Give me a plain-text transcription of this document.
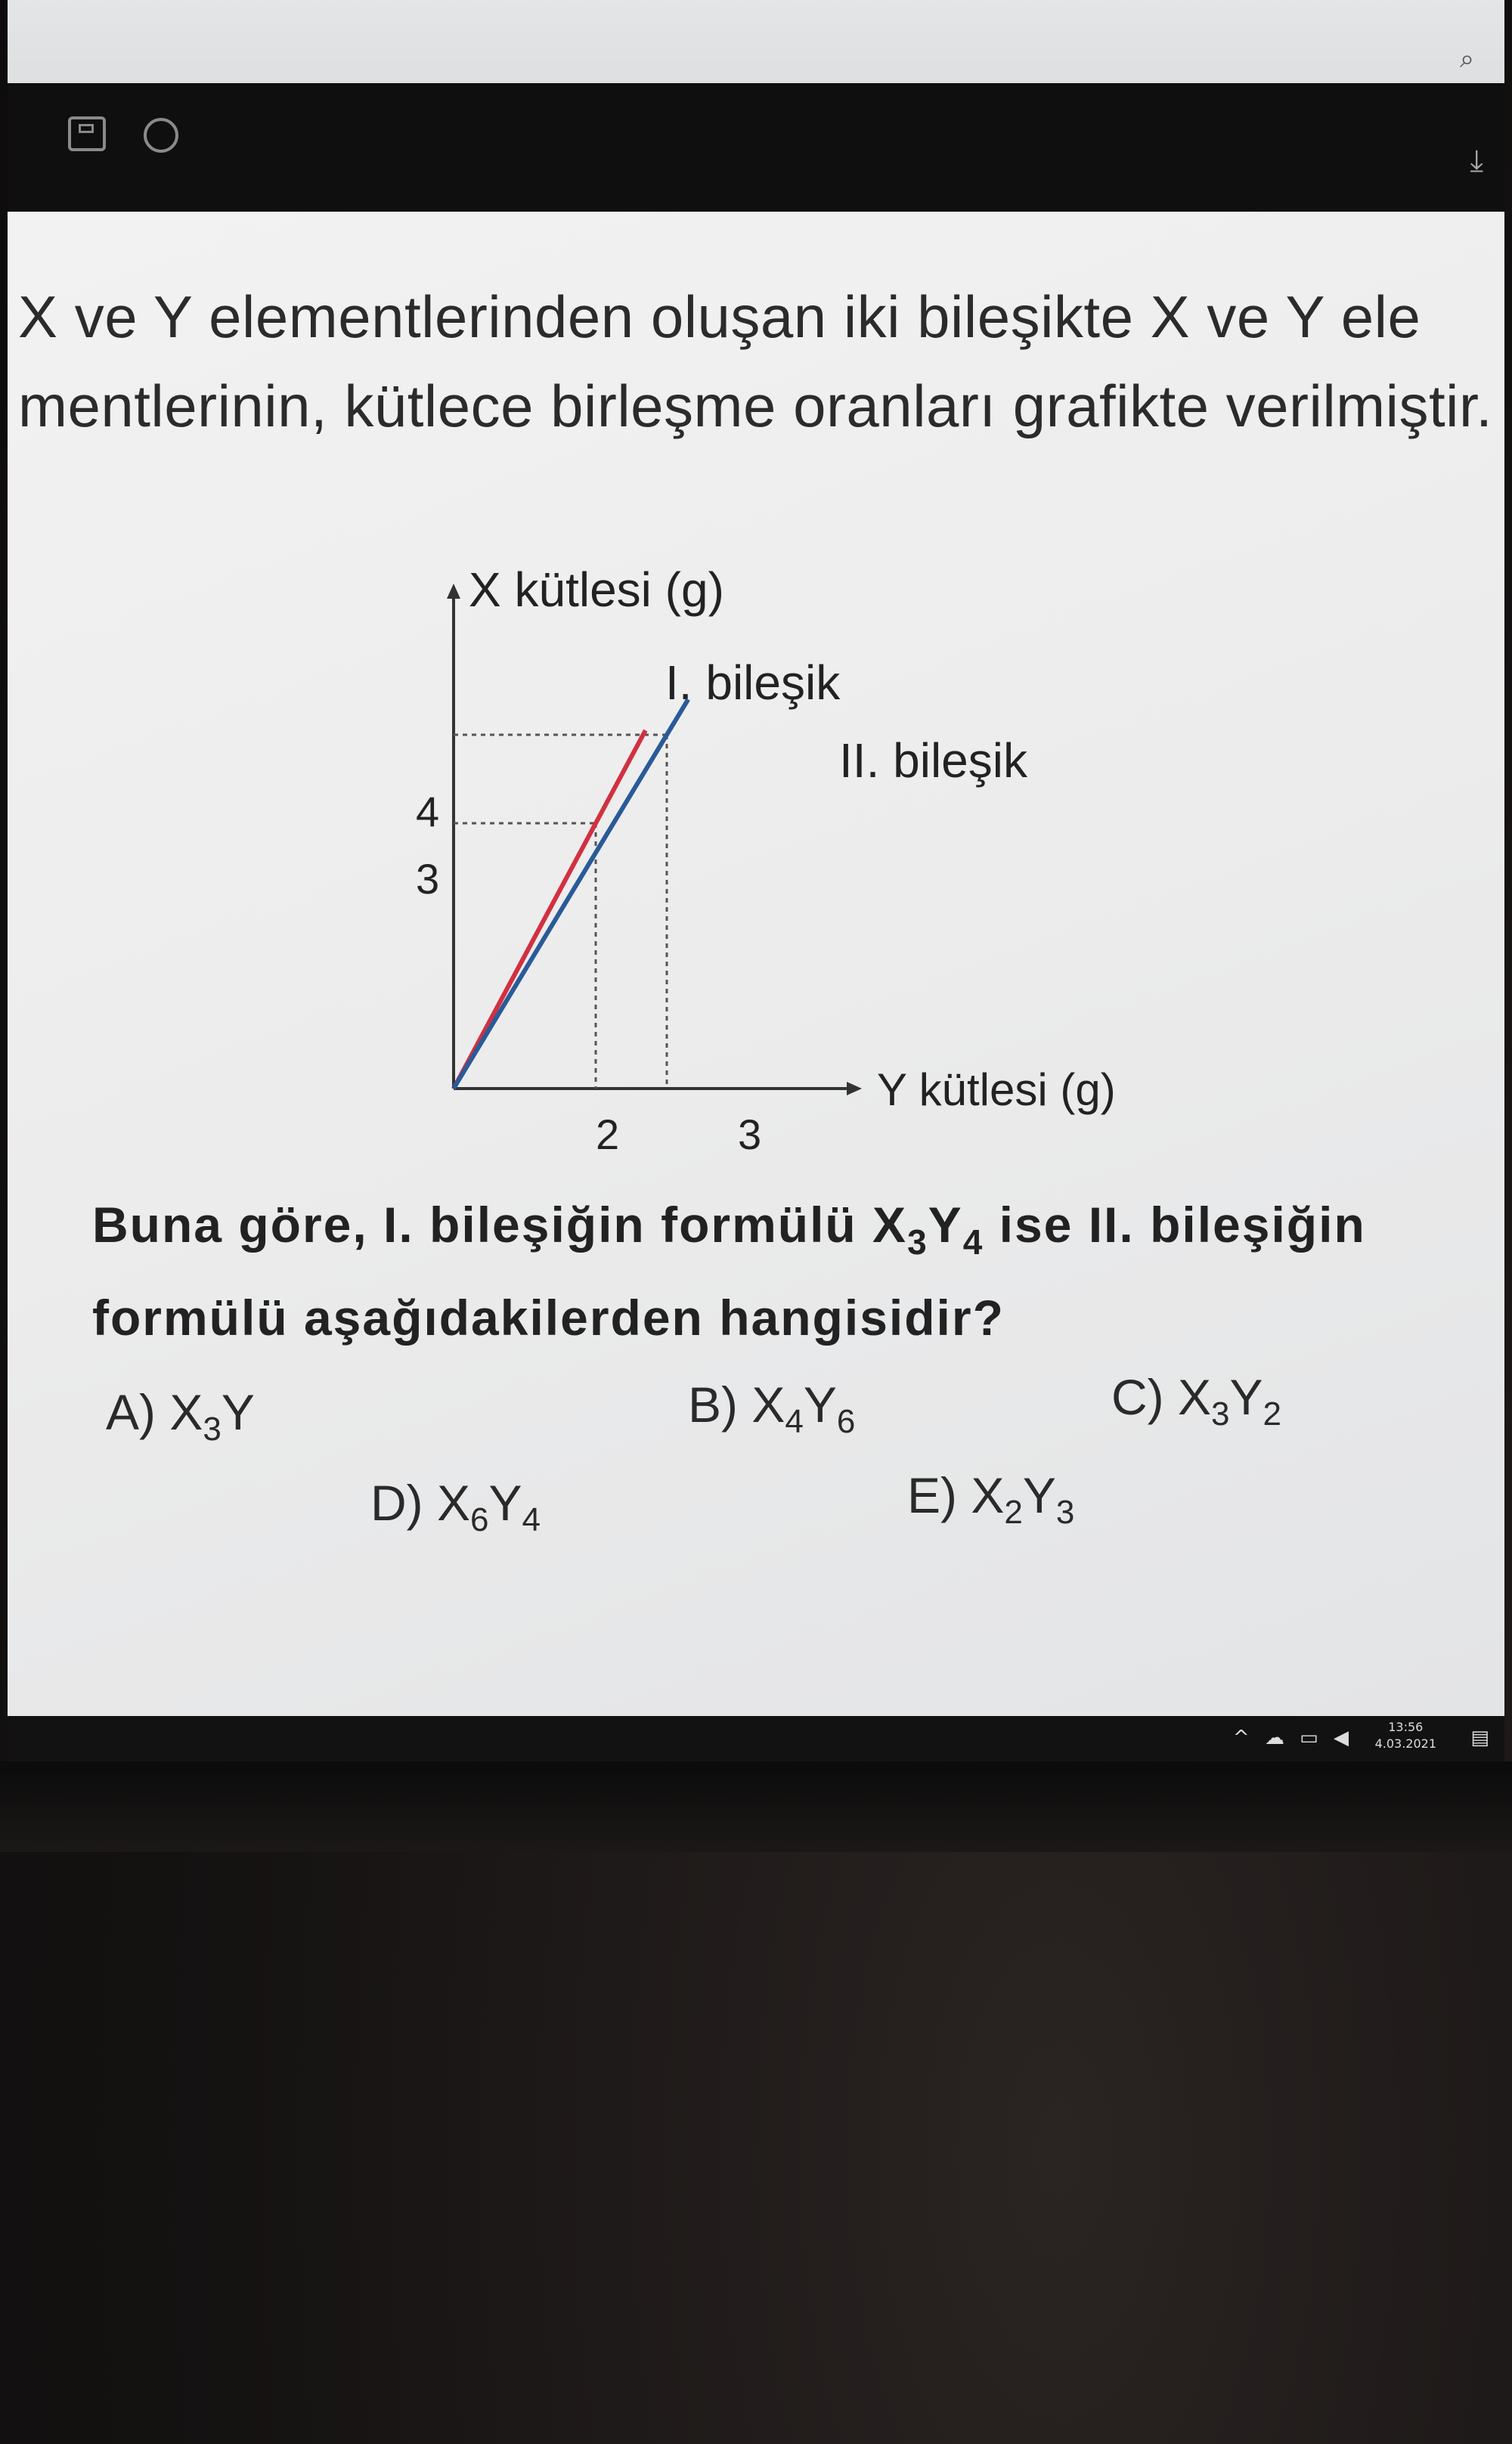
⌕
⤓
X ve Y elementlerinden oluşan iki bileşikte X ve Y ele
mentlerinin, kütlece birleşme oranları grafikte verilmiştir.
X kütlesi (g)
Y kütlesi (g)
I. bileşik
II. bileşik
4
3
2	3
Buna göre, I. bileşiğin formülü $X_3Y_4$ ise II. bileşiğin
formülü aşağıdakilerden hangisidir?
A) $X_3Y$	B) $X_4Y_6$	C) $X_3Y_2$
D) $X_6Y_4$	E) $X_2Y_3$
^ ☁ ▭ ◀	13:56
4.03.2021 ▤
